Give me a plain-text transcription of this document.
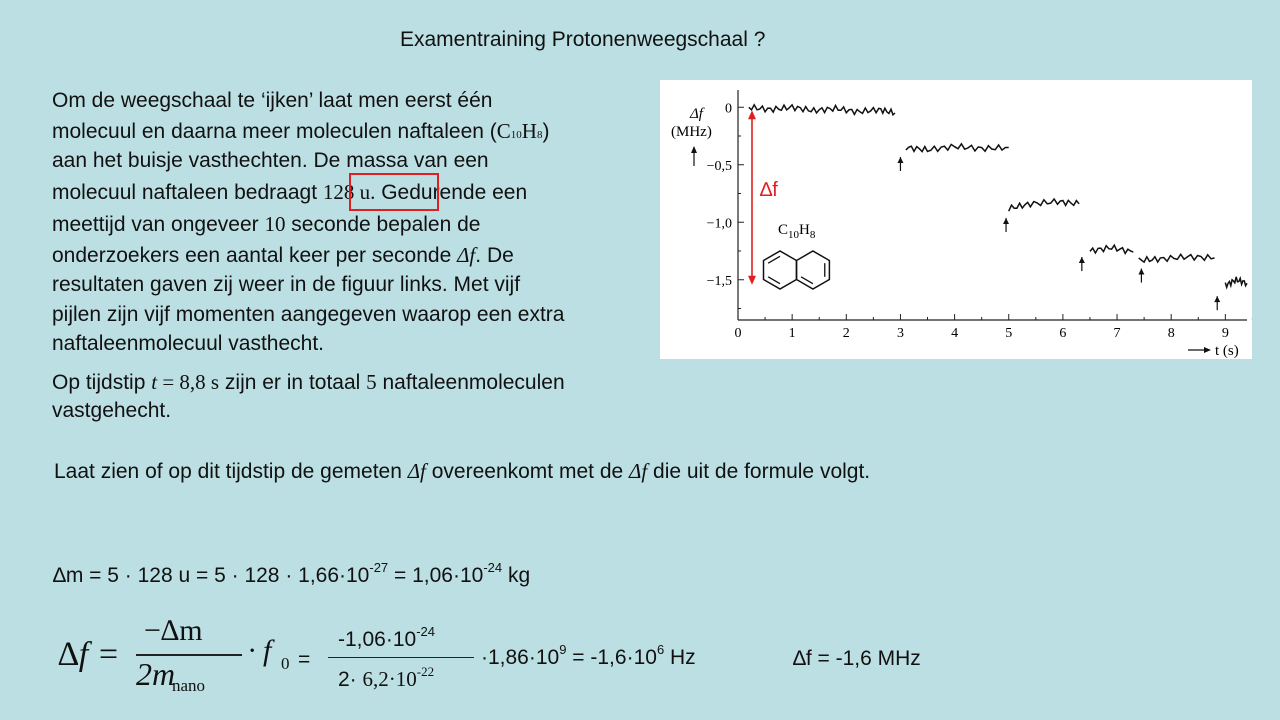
Examentraining Protonenweegschaal ?
Om de weegschaal te ‘ijken’ laat men eerst één
molecuul en daarna meer moleculen naftaleen (C10H8)
aan het buisje vasthechten. De massa van een
molecuul naftaleen bedraagt 128 u. Gedurende een
meettijd van ongeveer 10 seconde bepalen de
onderzoekers een aantal keer per seconde Δf. De
resultaten gaven zij weer in de figuur links. Met vijf
pijlen zijn vijf momenten aangegeven waarop een extra
naftaleenmolecuul vasthecht.
Op tijdstip t = 8,8 s zijn er in totaal 5 naftaleenmoleculen
vastgehecht.
Laat zien of op dit tijdstip de gemeten Δf overeenkomt met de Δf die uit de formule volgt.
∆m = 5 · 128 $u = 5 \cdot 128 \cdot 1,66\cdot 10^{-27} = 1,06\cdot 10^{-24}$ kg
∆f =
−∆m
2m
nano
· f 0 =
$-1,06\cdot 10^{-24}$
$2\cdot 6,2\cdot 10^{-22}$
$\cdot 1,86\cdot 10^9 = -1,6\cdot 10^6$ Hz	∆f = -1,6 MHz
0
−0,5
−1,0
−1,5
0	1	2	3	4	5	6	7	8	9
∆f
Δf
(MHz)
t (s)
$C_{10}H_8$
